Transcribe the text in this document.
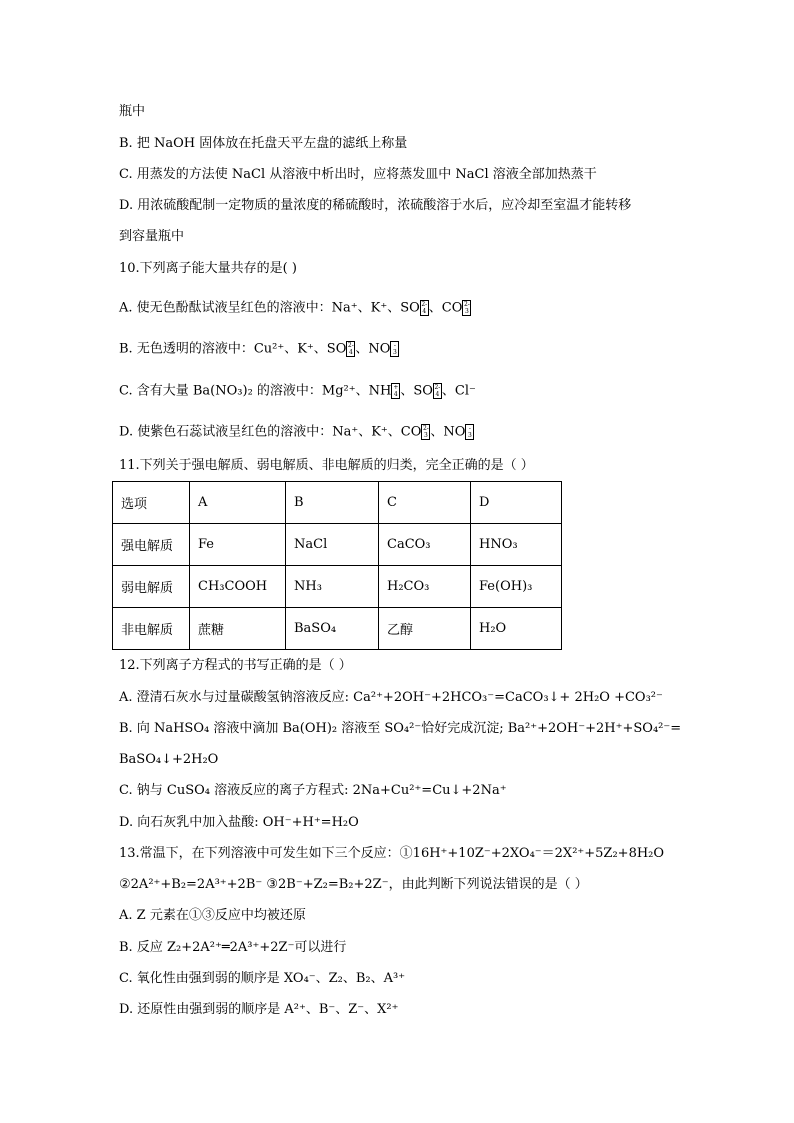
瓶中
B. 把 NaOH 固体放在托盘天平左盘的滤纸上称量
C. 用蒸发的方法使 NaCl 从溶液中析出时，应将蒸发皿中 NaCl 溶液全部加热蒸干
D. 用浓硫酸配制一定物质的量浓度的稀硫酸时，浓硫酸溶于水后，应冷却至室温才能转移
到容量瓶中
10.下列离子能大量共存的是( )
A. 使无色酚酞试液呈红色的溶液中：Na⁺、K⁺、SO 2-
4 、CO 2-
3
B. 无色透明的溶液中：Cu²⁺、K⁺、SO 2-
4 、NO -
3
C. 含有大量 Ba(NO₃)₂ 的溶液中：Mg²⁺、NH +
4 、SO 2-
4 、Cl⁻
D. 使紫色石蕊试液呈红色的溶液中：Na⁺、K⁺、CO 2-
3 、NO -
3
11.下列关于强电解质、弱电解质、非电解质的归类，完全正确的是（ ）
选项	A	B	C	D
强电解质	Fe	NaCl	CaCO₃	HNO₃
弱电解质	CH₃COOH	NH₃	H₂CO₃	Fe(OH)₃
非电解质	蔗糖	BaSO₄	乙醇	H₂O
12.下列离子方程式的书写正确的是（ ）
A. 澄清石灰水与过量碳酸氢钠溶液反应: Ca²⁺+2OH⁻+2HCO₃⁻=CaCO₃↓+ 2H₂O +CO₃²⁻
B. 向 NaHSO₄ 溶液中滴加 Ba(OH)₂ 溶液至 SO₄²⁻恰好完成沉淀; Ba²⁺+2OH⁻+2H⁺+SO₄²⁻=
BaSO₄↓+2H₂O
C. 钠与 CuSO₄ 溶液反应的离子方程式: 2Na+Cu²⁺=Cu↓+2Na⁺
D. 向石灰乳中加入盐酸: OH⁻+H⁺=H₂O
13.常温下，在下列溶液中可发生如下三个反应：①16H⁺+10Z⁻+2XO₄⁻＝2X²⁺+5Z₂+8H₂O
②2A²⁺+B₂=2A³⁺+2B⁻ ③2B⁻+Z₂=B₂+2Z⁻，由此判断下列说法错误的是（ ）
A. Z 元素在①③反应中均被还原
B. 反应 Z₂+2A²⁺═2A³⁺+2Z⁻可以进行
C. 氧化性由强到弱的顺序是 XO₄⁻、Z₂、B₂、A³⁺
D. 还原性由强到弱的顺序是 A²⁺、B⁻、Z⁻、X²⁺
